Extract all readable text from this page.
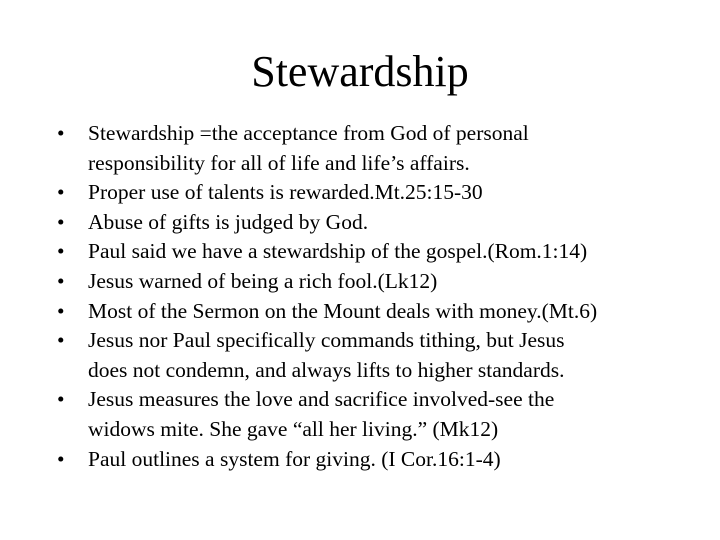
Stewardship
•	Stewardship =the acceptance from God of personal
responsibility for all of life and life’s affairs.
•	Proper use of talents is rewarded.Mt.25:15-30
•	Abuse of gifts is judged by God.
•	Paul said we have a stewardship of the gospel.(Rom.1:14)
•	Jesus warned of being a rich fool.(Lk12)
•	Most of the Sermon on the Mount deals with money.(Mt.6)
•	Jesus nor Paul specifically commands tithing, but Jesus
does not condemn, and always lifts to higher standards.
•	Jesus measures the love and sacrifice involved-see the
widows mite. She gave “all her living.” (Mk12)
•	Paul outlines a system for giving. (I Cor.16:1-4)
